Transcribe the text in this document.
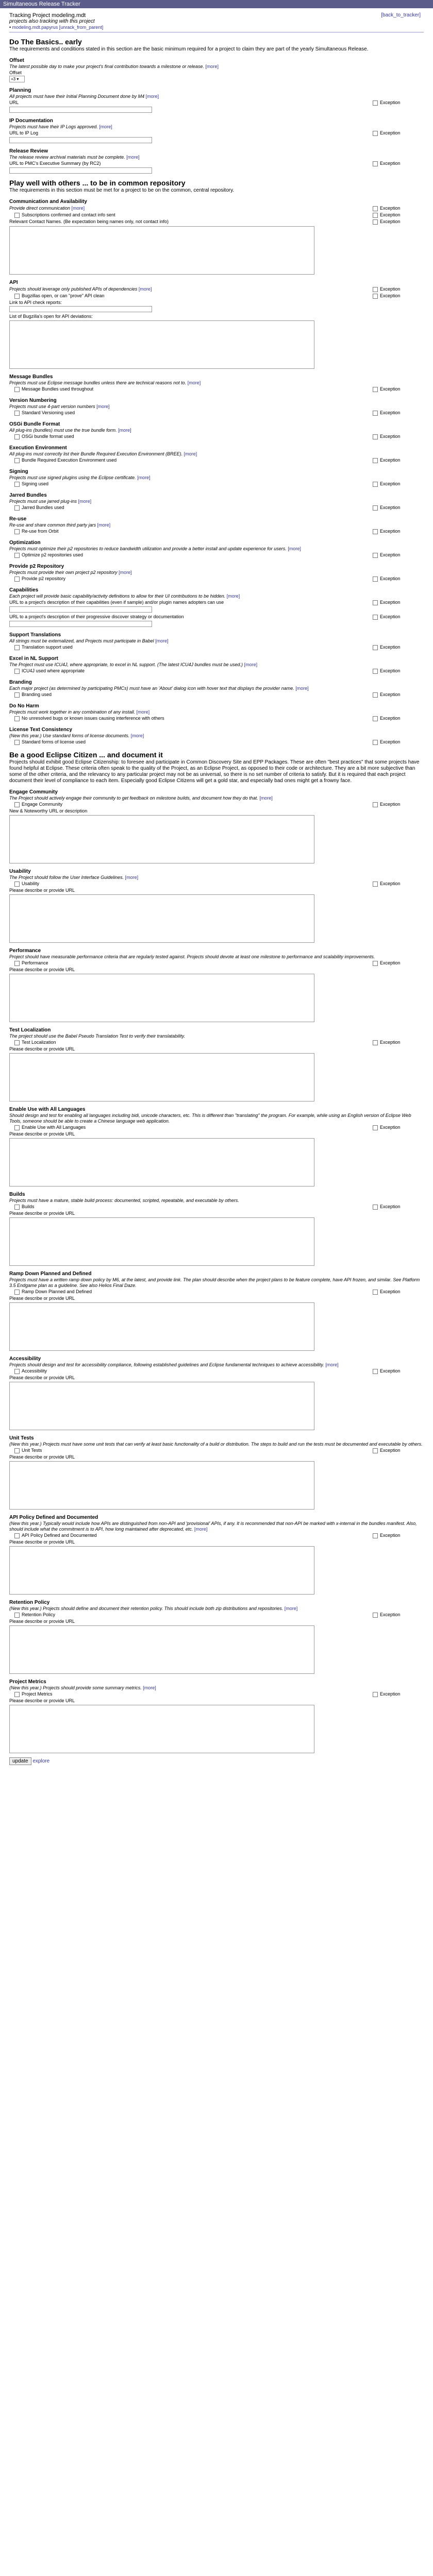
Simultaneous Release Tracker
Tracking Project modeling.mdt
projects also tracking with this project
• modeling.mdt.papyrus [unrack_from_parent]
[back_to_tracker]
Do The Basics.. early
The requirements and conditions stated in this section are the basic minimum required for a project to claim they are part of the yearly Simultaneous Release.
Offset
The latest possible day to make your project's final contribution towards a milestone or release. [more]
Offset
+3 ▾
Planning
All projects must have their Initial Planning Document done by M4 [more]
URL	Exception
IP Documentation
Projects must have their IP Logs approved. [more]
URL to IP Log	Exception
Release Review
The release review archival materials must be complete. [more]
URL to PMC's Executive Summary (by RC2)	Exception
Play well with others ... to be in common repository
The requirements in this section must be met for a project to be on the common, central repository.
Communication and Availability
Provide direct communication [more]	Exception
Subscriptions confirmed and contact info sent	Exception
Relevant Contact Names. (Be expectation being names only, not contact info)	Exception
API
Projects should leverage only published APIs of dependencies [more]	Exception
Bugzillas open, or can "prove" API clean	Exception
Link to API check reports:
List of Bugzilla's open for API deviations:
Message Bundles
Projects must use Eclipse message bundles unless there are technical reasons not to. [more]
Message Bundles used throughout	Exception
Version Numbering
Projects must use 4-part version numbers [more]
Standard Versioning used	Exception
OSGi Bundle Format
All plug-ins (bundles) must use the true bundle form. [more]
OSGi bundle format used	Exception
Execution Environment
All plug-ins must correctly list their Bundle Required Execution Environment (BREE). [more]
Bundle Required Execution Environment used	Exception
Signing
Projects must use signed plugins using the Eclipse certificate. [more]
Signing used	Exception
Jarred Bundles
Projects must use jarred plug-ins [more]
Jarred Bundles used	Exception
Re-use
Re-use and share common third party jars [more]
Re-use from Orbit	Exception
Optimization
Projects must optimize their p2 repositories to reduce bandwidth utilization and provide a better install and update experience for users. [more]
Optimize p2 repositories used	Exception
Provide p2 Repository
Projects must provide their own project p2 repository [more]
Provide p2 repository	Exception
Capabilities
Each project will provide basic capability/activity definitions to allow for their UI contributions to be hidden. [more]
URL to a project's description of their capabilities (even if sample) and/or plugin names adopters can use	Exception
URL to a project's description of their progressive discover strategy or documentation	Exception
Support Translations
All strings must be externalized, and Projects must participate in Babel [more]
Translation support used	Exception
Excel in NL Support
The Project must use ICU4J, where appropriate, to excel in NL support. (The latest ICU4J bundles must be used.) [more]
ICU4J used where appropriate	Exception
Branding
Each major project (as determined by participating PMCs) must have an 'About' dialog icon with hover text that displays the provider name. [more]
Branding used	Exception
Do No Harm
Projects must work together in any combination of any install. [more]
No unresolved bugs or known issues causing interference with others	Exception
License Text Consistency
(New this year.) Use standard forms of license documents. [more]
Standard forms of license used	Exception
Be a good Eclipse Citizen ... and document it
Projects should exhibit good Eclipse Citizenship: to foresee and participate in Common Discovery Site and EPP Packages. These are often "best practices" that some projects have found helpful at Eclipse. These criteria often speak to the quality of the Project, as an Eclipse Project, as opposed to their code or architecture. They are a bit more subjective than some of the other criteria, and the relevancy to any particular project may not be as universal, so there is no set number of criteria to satisfy. But it is required that each project document their level of compliance to each item. Especially good Eclipse Citizens will get a gold star, and especially bad ones might get a frowny face.
Engage Community
The Project should actively engage their community to get feedback on milestone builds, and document how they do that. [more]
Engage Community	Exception
New & Noteworthy URL or description
Usability
The Project should follow the User Interface Guidelines. [more]
Usability	Exception
Please describe or provide URL
Performance
Project should have measurable performance criteria that are regularly tested against. Projects should devote at least one milestone to performance and scalability improvements.
Performance	Exception
Please describe or provide URL
Test Localization
The project should use the Babel Pseudo Translation Test to verify their translatability.
Test Localization	Exception
Please describe or provide URL
Enable Use with All Languages
Should design and test for enabling all languages including bidi, unicode characters, etc. This is different than "translating" the program. For example, while using an English version of Eclipse Web Tools, someone should be able to create a Chinese language web application.
Enable Use with All Languages	Exception
Please describe or provide URL
Builds
Projects must have a mature, stable build process: documented, scripted, repeatable, and executable by others.
Builds	Exception
Please describe or provide URL
Ramp Down Planned and Defined
Projects must have a written ramp down policy by M6, at the latest, and provide link. The plan should describe when the project plans to be feature complete, have API frozen, and similar. See Platform 3.5 Endgame plan as a guideline. See also Helios Final Daze.
Ramp Down Planned and Defined	Exception
Please describe or provide URL
Accessibility
Projects should design and test for accessibility compliance, following established guidelines and Eclipse fundamental techniques to achieve accessibility. [more]
Accessibility	Exception
Please describe or provide URL
Unit Tests
(New this year.) Projects must have some unit tests that can verify at least basic functionality of a build or distribution. The steps to build and run the tests must be documented and executable by others.
Unit Tests	Exception
Please describe or provide URL
API Policy Defined and Documented
(New this year.) Typically would include how APIs are distinguished from non-API and 'provisional' APIs, if any. It is recommended that non-API be marked with x-internal in the bundles manifest. Also, should include what the commitment is to API, how long maintained after deprecated, etc. [more]
API Policy Defined and Documented	Exception
Please describe or provide URL
Retention Policy
(New this year.) Projects should define and document their retention policy. This should include both zip distributions and repositories. [more]
Retention Policy	Exception
Please describe or provide URL
Project Metrics
(New this year.) Projects should provide some summary metrics. [more]
Project Metrics	Exception
Please describe or provide URL
update explore
